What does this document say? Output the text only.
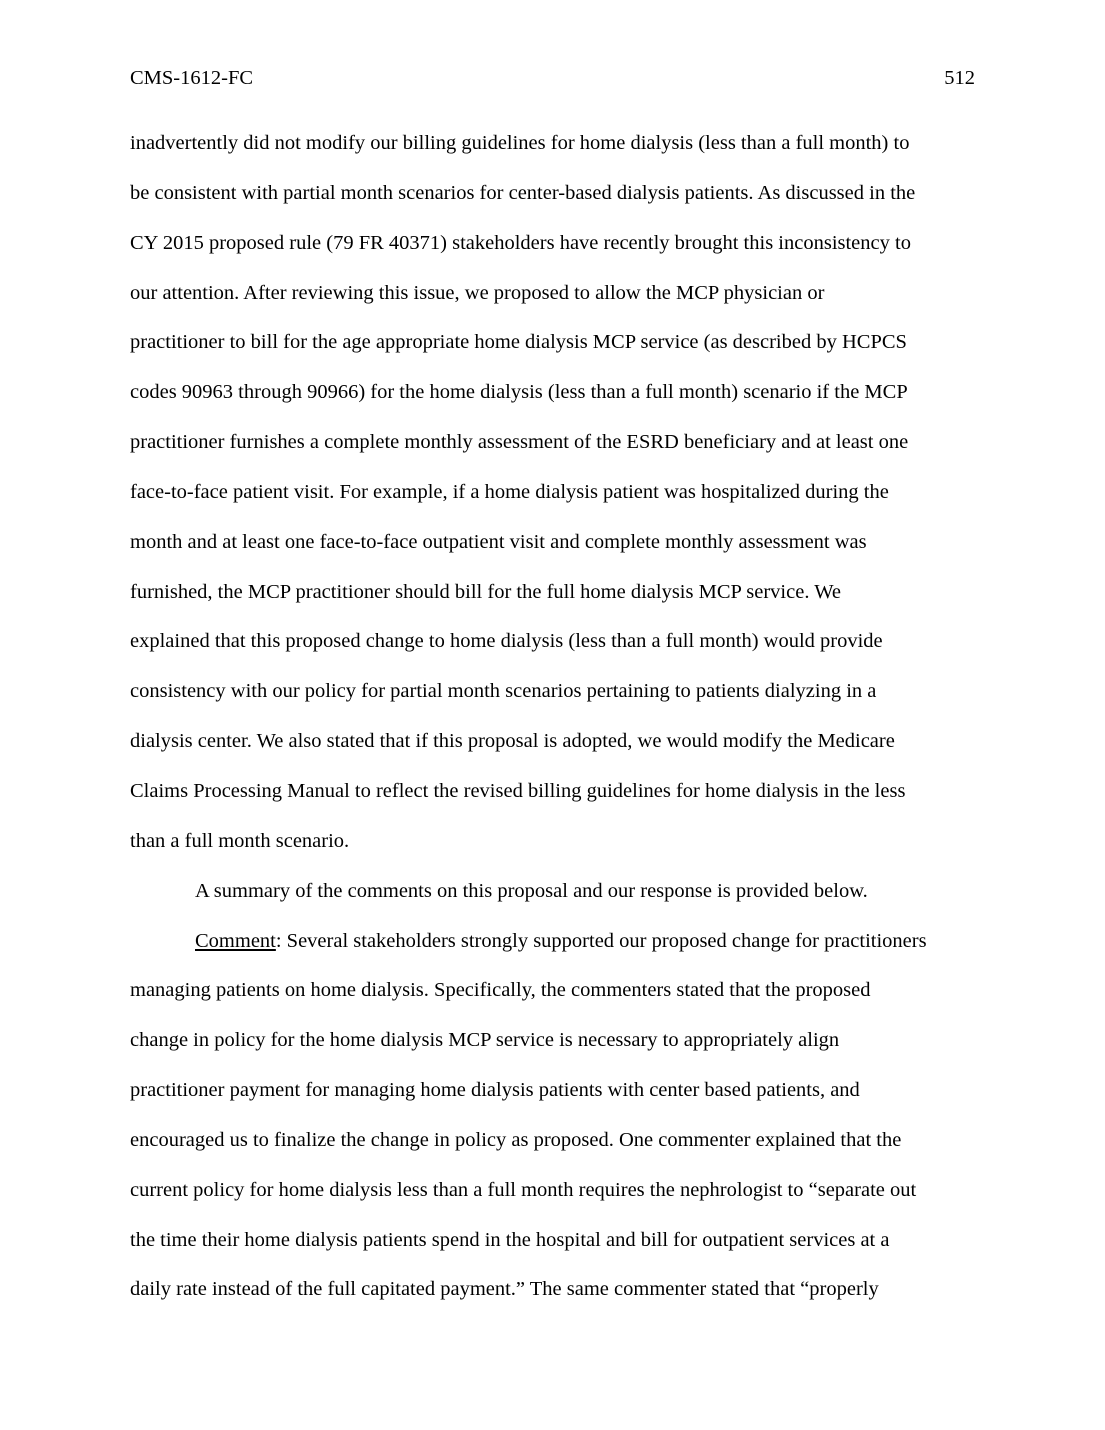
CMS-1612-FC	512
inadvertently did not modify our billing guidelines for home dialysis (less than a full month) to
be consistent with partial month scenarios for center-based dialysis patients. As discussed in the
CY 2015 proposed rule (79 FR 40371) stakeholders have recently brought this inconsistency to
our attention. After reviewing this issue, we proposed to allow the MCP physician or
practitioner to bill for the age appropriate home dialysis MCP service (as described by HCPCS
codes 90963 through 90966) for the home dialysis (less than a full month) scenario if the MCP
practitioner furnishes a complete monthly assessment of the ESRD beneficiary and at least one
face-to-face patient visit. For example, if a home dialysis patient was hospitalized during the
month and at least one face-to-face outpatient visit and complete monthly assessment was
furnished, the MCP practitioner should bill for the full home dialysis MCP service. We
explained that this proposed change to home dialysis (less than a full month) would provide
consistency with our policy for partial month scenarios pertaining to patients dialyzing in a
dialysis center. We also stated that if this proposal is adopted, we would modify the Medicare
Claims Processing Manual to reflect the revised billing guidelines for home dialysis in the less
than a full month scenario.
A summary of the comments on this proposal and our response is provided below.
Comment: Several stakeholders strongly supported our proposed change for practitioners
managing patients on home dialysis. Specifically, the commenters stated that the proposed
change in policy for the home dialysis MCP service is necessary to appropriately align
practitioner payment for managing home dialysis patients with center based patients, and
encouraged us to finalize the change in policy as proposed. One commenter explained that the
current policy for home dialysis less than a full month requires the nephrologist to “separate out
the time their home dialysis patients spend in the hospital and bill for outpatient services at a
daily rate instead of the full capitated payment.” The same commenter stated that “properly
